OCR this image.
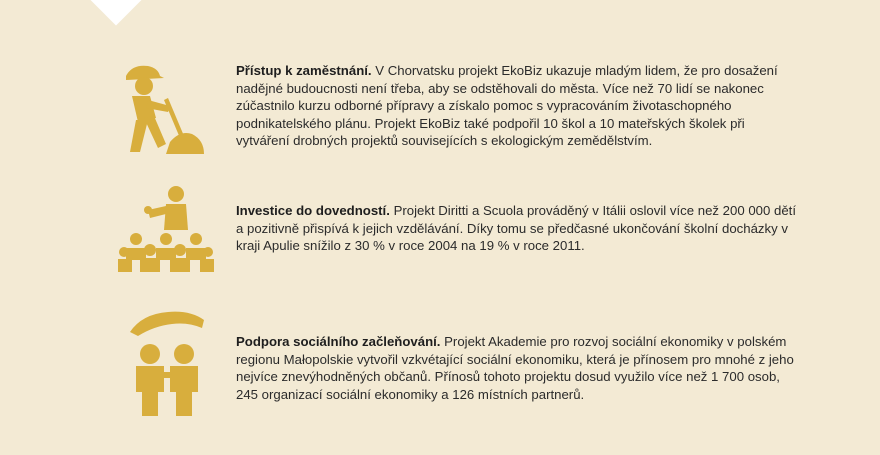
Přístup k zaměstnání. V Chorvatsku projekt EkoBiz ukazuje mladým lidem, že pro dosažení nadějné budoucnosti není třeba, aby se odstěhovali do města. Více než 70 lidí se nakonec zúčastnilo kurzu odborné přípravy a získalo pomoc s vypracováním životaschopného podnikatelského plánu. Projekt EkoBiz také podpořil 10 škol a 10 mateřských školek při vytváření drobných projektů souvisejících s ekologickým zemědělstvím.

Investice do dovedností. Projekt Diritti a Scuola prováděný v Itálii oslovil více než 200 000 dětí a pozitivně přispívá k jejich vzdělávání. Díky tomu se předčasné ukončování školní docházky v kraji Apulie snížilo z 30 % v roce 2004 na 19 % v roce 2011.

Podpora sociálního začleňování. Projekt Akademie pro rozvoj sociální ekonomiky v polském regionu Małopolskie vytvořil vzkvétající sociální ekonomiku, která je přínosem pro mnohé z jeho nejvíce znevýhodněných občanů. Přínosů tohoto projektu dosud využilo více než 1 700 osob, 245 organizací sociální ekonomiky a 126 místních partnerů.
